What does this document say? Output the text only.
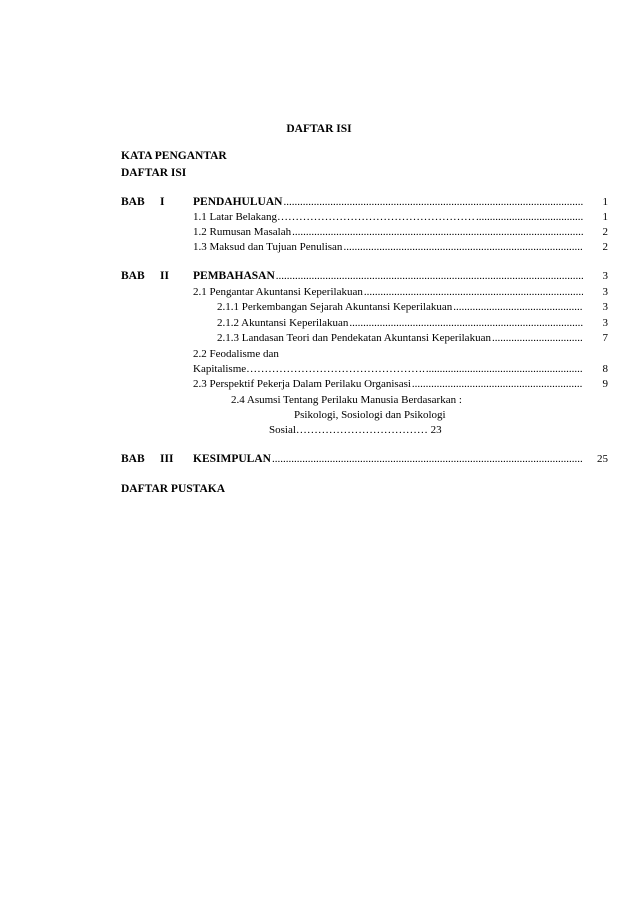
DAFTAR ISI
KATA PENGANTAR
DAFTAR ISI
BAB I PENDAHULUAN .....	1
1.1 Latar Belakang……………………………………………… .....	1
1.2 Rumusan Masalah .....	2
1.3 Maksud dan Tujuan Penulisan .....	2
BAB II PEMBAHASAN .....	3
2.1 Pengantar Akuntansi Keperilakuan .....	3
2.1.1 Perkembangan Sejarah Akuntansi Keperilakuan .....	3
2.1.2 Akuntansi Keperilakuan .....	3
2.1.3 Landasan Teori dan Pendekatan Akuntansi Keperilakuan .....	7
2.2 Feodalisme dan
Kapitalisme…………………………………………. .....	8
2.3 Perspektif Pekerja Dalam Perilaku Organisasi .....	9
2.4 Asumsi Tentang Perilaku Manusia Berdasarkan :
Psikologi, Sosiologi dan Psikologi
Sosial……………………………… 23
BAB III KESIMPULAN .....	25
DAFTAR PUSTAKA
